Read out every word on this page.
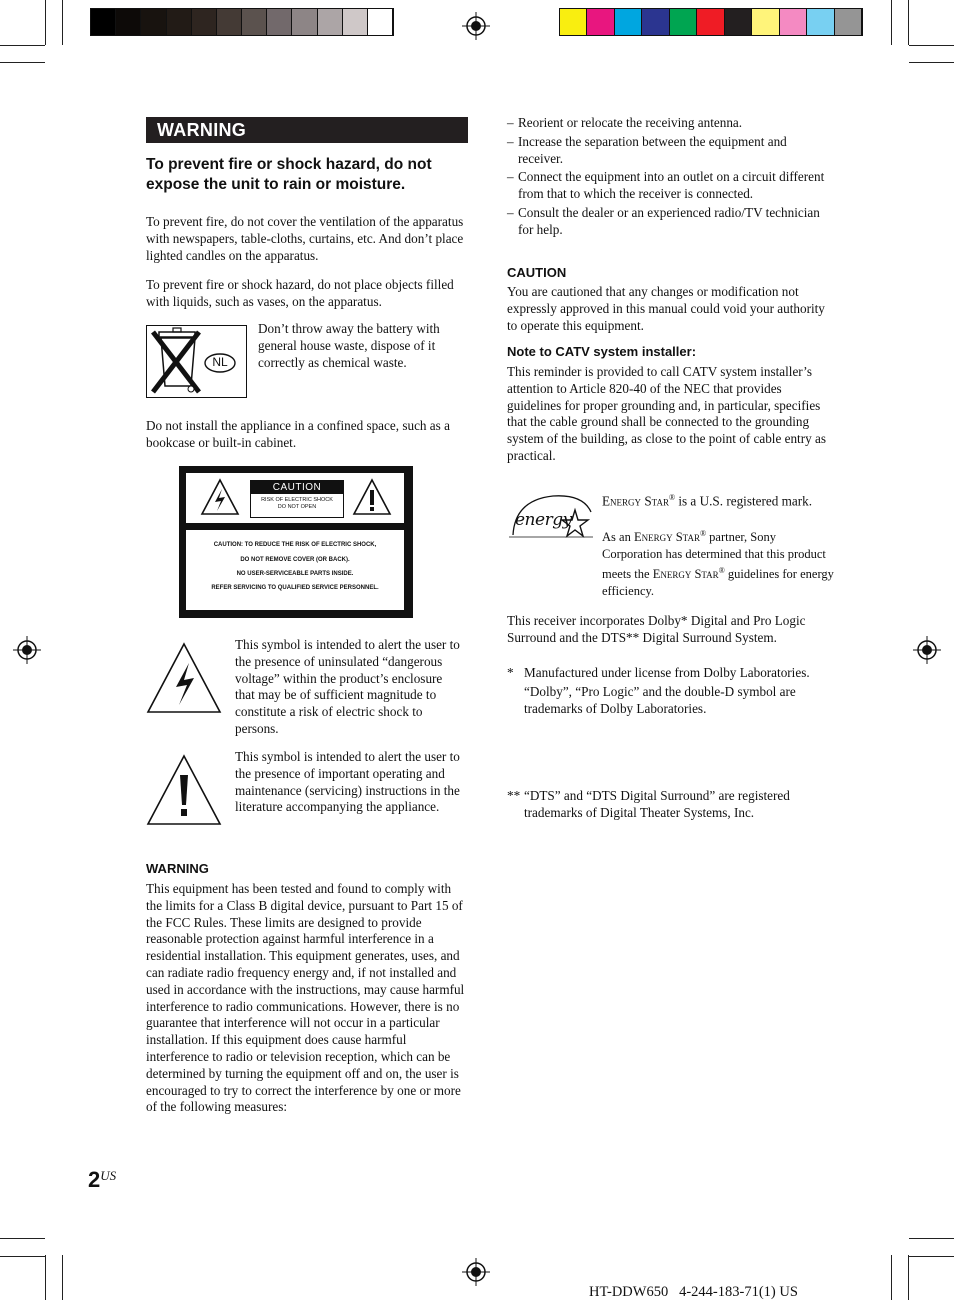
WARNING

To prevent fire or shock hazard, do not expose the unit to rain or moisture.

To prevent fire, do not cover the ventilation of the apparatus with newspapers, table-cloths, curtains, etc. And don’t place lighted candles on the apparatus.

To prevent fire or shock hazard, do not place objects filled with liquids, such as vases, on the apparatus.

NL

Don’t throw away the battery with general house waste, dispose of it correctly as chemical waste.

Do not install the appliance in a confined space, such as a bookcase or built-in cabinet.

CAUTION
RISK OF ELECTRIC SHOCK
DO NOT OPEN
CAUTION: TO REDUCE THE RISK OF ELECTRIC SHOCK,
DO NOT REMOVE COVER (OR BACK).
NO USER-SERVICEABLE PARTS INSIDE.
REFER SERVICING TO QUALIFIED SERVICE PERSONNEL.

This symbol is intended to alert the user to the presence of uninsulated “dangerous voltage” within the product’s enclosure that may be of sufficient magnitude to constitute a risk of electric shock to persons.

This symbol is intended to alert the user to the presence of important operating and maintenance (servicing) instructions in the literature accompanying the appliance.

WARNING

This equipment has been tested and found to comply with the limits for a Class B digital device, pursuant to Part 15 of the FCC Rules. These limits are designed to provide reasonable protection against harmful interference in a residential installation. This equipment generates, uses, and can radiate radio frequency energy and, if not installed and used in accordance with the instructions, may cause harmful interference to radio communications. However, there is no guarantee that interference will not occur in a particular installation. If this equipment does cause harmful interference to radio or television reception, which can be determined by turning the equipment off and on, the user is encouraged to try to correct the interference by one or more of the following measures:

$2^{US}$
– Reorient or relocate the receiving antenna.
– Increase the separation between the equipment and receiver.
– Connect the equipment into an outlet on a circuit different from that to which the receiver is connected.
– Consult the dealer or an experienced radio/TV technician for help.
CAUTION

You are cautioned that any changes or modification not expressly approved in this manual could void your authority to operate this equipment.

Note to CATV system installer:

This reminder is provided to call CATV system installer’s attention to Article 820-40 of the NEC that provides guidelines for proper grounding and, in particular, specifies that the cable ground shall be connected to the grounding system of the building, as close to the point of cable entry as practical.

energy

Energy Star® is a U.S. registered mark.

As an Energy Star® partner, Sony Corporation has determined that this product meets the Energy Star® guidelines for energy efficiency.

This receiver incorporates Dolby* Digital and Pro Logic Surround and the DTS** Digital Surround System.

* Manufactured under license from Dolby Laboratories.
“Dolby”, “Pro Logic” and the double-D symbol are trademarks of Dolby Laboratories.
** “DTS” and “DTS Digital Surround” are registered trademarks of Digital Theater Systems, Inc.
HT-DDW650   4-244-183-71(1) US
